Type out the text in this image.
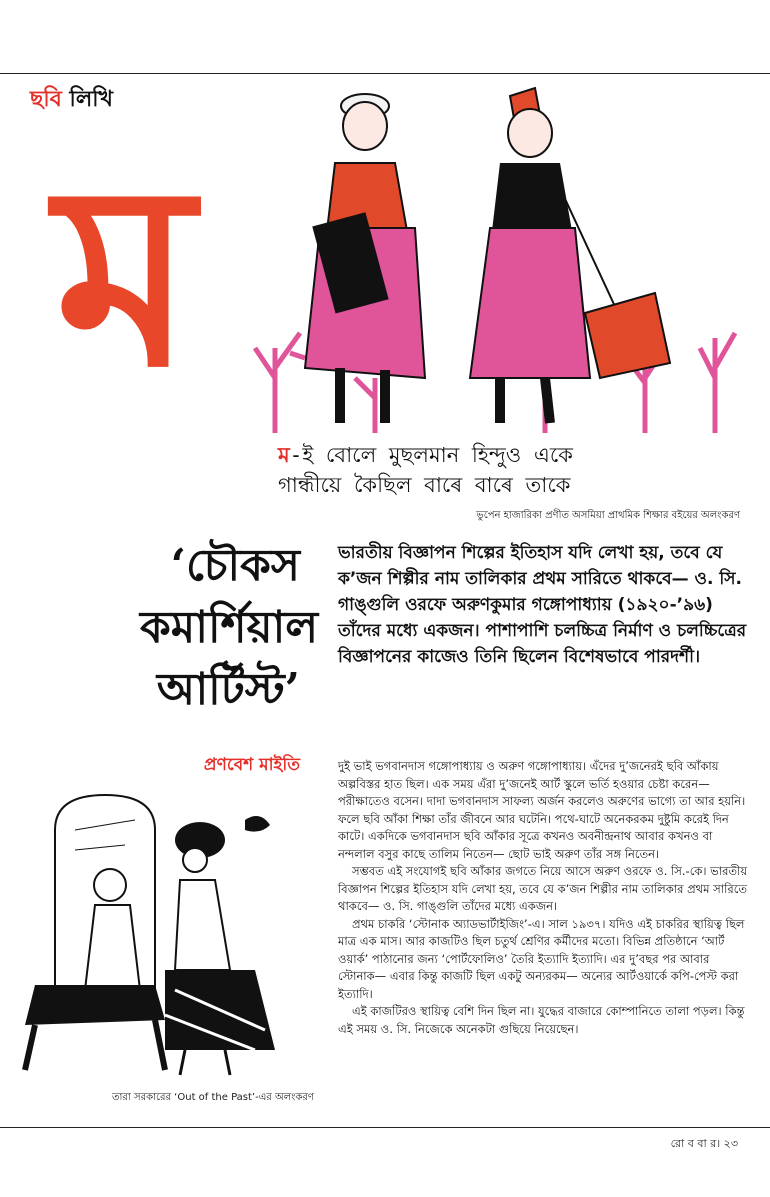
ছবি লিখি
ম
ম-ই বোলে মুছলমান হিন্দুও একে
গান্ধীয়ে কৈছিল বাৰে বাৰে তাকে
ভুপেন হাজারিকা প্রণীত অসমিয়া প্রাথমিক শিক্ষার বইয়ের অলংকরণ
‘চৌকস
কমার্শিয়াল
আর্টিস্ট’
প্রণবেশ মাইতি
ভারতীয় বিজ্ঞাপন শিল্পের ইতিহাস যদি লেখা হয়, তবে যে ক’জন শিল্পীর নাম তালিকার প্রথম সারিতে থাকবে— ও. সি. গাঙ্গুলি ওরফে অরুণকুমার গঙ্গোপাধ্যায় (১৯২০-’৯৬) তাঁদের মধ্যে একজন। পাশাপাশি চলচ্চিত্র নির্মাণ ও চলচ্চিত্রের বিজ্ঞাপনের কাজেও তিনি ছিলেন বিশেষভাবে পারদর্শী।

দুই ভাই ভগবানদাস গঙ্গোপাধ্যায় ও অরুণ গঙ্গোপাধ্যায়। এঁদের দু’জনেরই ছবি আঁকায় অল্পবিস্তর হাত ছিল। এক সময় এঁরা দু’জনেই আর্ট স্কুলে ভর্তি হওয়ার চেষ্টা করেন— পরীক্ষাতেও বসেন। দাদা ভগবানদাস সাফল্য অর্জন করলেও অরুণের ভাগ্যে তা আর হয়নি। ফলে ছবি আঁকা শিক্ষা তাঁর জীবনে আর ঘটেনি। পথে-ঘাটে অনেকরকম দুষ্টুমি করেই দিন কাটে। একদিকে ভগবানদাস ছবি আঁকার সূত্রে কখনও অবনীন্দ্রনাথ আবার কখনও বা নন্দলাল বসুর কাছে তালিম নিতেন— ছোট ভাই অরুণ তাঁর সঙ্গ নিতেন।

সম্ভবত এই সংযোগই ছবি আঁকার জগতে নিয়ে আসে অরুণ ওরফে ও. সি.-কে। ভারতীয় বিজ্ঞাপন শিল্পের ইতিহাস যদি লেখা হয়, তবে যে ক’জন শিল্পীর নাম তালিকার প্রথম সারিতে থাকবে— ও. সি. গাঙ্গুলি তাঁদের মধ্যে একজন।

প্রথম চাকরি ‘স্টোনাক অ্যাডভার্টাইজিং’-এ। সাল ১৯৩৭। যদিও এই চাকরির স্থায়িত্ব ছিল মাত্র এক মাস। আর কাজটিও ছিল চতুর্থ শ্রেণির কর্মীদের মতো। বিভিন্ন প্রতিষ্ঠানে ‘আর্ট ওয়ার্ক’ পাঠানোর জন্য ‘পোর্টফোলিও’ তৈরি ইত্যাদি ইত্যাদি। এর দু’বছর পর আবার স্টোনাক— এবার কিন্তু কাজটি ছিল একটু অন্যরকম— অন্যের আর্টওয়ার্কে কপি-পেস্ট করা ইত্যাদি।

এই কাজটিরও স্থায়িত্ব বেশি দিন ছিল না। যুদ্ধের বাজারে কোম্পানিতে তালা পড়ল। কিন্তু এই সময় ও. সি. নিজেকে অনেকটা গুছিয়ে নিয়েছেন।

তারা সরকারের ‘Out of the Past’-এর অলংকরণ
রো ব বা র। ২৩
